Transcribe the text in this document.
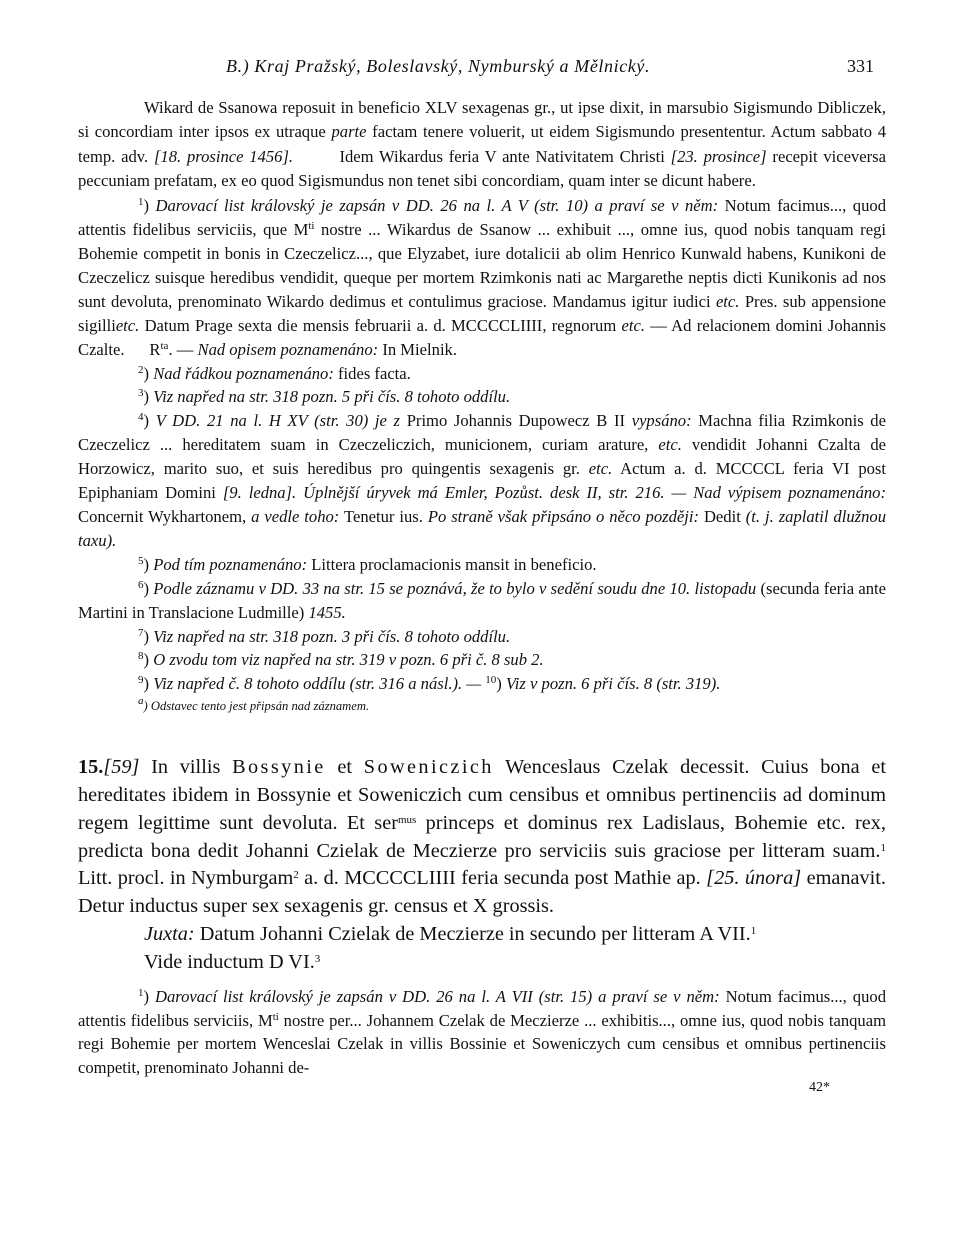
B.) Kraj Pražský, Boleslavský, Nymburský a Mělnický.	331

Wikard de Ssanowa reposuit in beneficio XLV sexagenas gr., ut ipse dixit, in marsubio Sigismundo Dibliczek, si concordiam inter ipsos ex utraque parte factam tenere voluerit, ut eidem Sigismundo presententur. Actum sabbato 4 temp. adv. [18. prosince 1456].        Idem Wikardus feria V ante Nativitatem Christi [23. prosince] recepit viceversa peccuniam prefatam, ex eo quod Sigismundus non tenet sibi concordiam, quam inter se dicunt habere.

$^1$) Darovací list královský je zapsán v DD. 26 na l. A V (str. 10) a praví se v něm: Notum facimus..., quod attentis fidelibus serviciis, que $M^{ti}$ nostre ... Wikardus de Ssanow ... exhibuit ..., omne ius, quod nobis tanquam regi Bohemie competit in bonis in Czeczelicz..., que Elyzabet, iure dotalicii ab olim Henrico Kunwald habens, Kunikoni de Czeczelicz suisque heredibus vendidit, queque per mortem Rzimkonis nati ac Margarethe neptis dicti Kunikonis ad nos sunt devoluta, prenominato Wikardo dedimus et contulimus graciose. Mandamus igitur iudici etc. Pres. sub appensione sigillietc. Datum Prage sexta die mensis februarii a. d. MCCCCLIIII, regnorum etc. — Ad relacionem domini Johannis Czalte.      $R^{ta}$. — Nad opisem poznamenáno: In Mielnik.

$^2$) Nad řádkou poznamenáno: fides facta.

$^3$) Viz napřed na str. 318 pozn. 5 při čís. 8 tohoto oddílu.

$^4$) V DD. 21 na l. H XV (str. 30) je z Primo Johannis Dupowecz B II vypsáno: Machna filia Rzimkonis de Czeczelicz ... hereditatem suam in Czeczeliczich, municionem, curiam arature, etc. vendidit Johanni Czalta de Horzowicz, marito suo, et suis heredibus pro quingentis sexagenis gr. etc. Actum a. d. MCCCCL feria VI post Epiphaniam Domini [9. ledna]. Úplnější úryvek má Emler, Pozůst. desk II, str. 216. — Nad výpisem poznamenáno: Concernit Wykhartonem, a vedle toho: Tenetur ius. Po straně však připsáno o něco později: Dedit (t. j. zaplatil dlužnou taxu).

$^5$) Pod tím poznamenáno: Littera proclamacionis mansit in beneficio.

$^6$) Podle záznamu v DD. 33 na str. 15 se poznává, že to bylo v sedění soudu dne 10. listopadu (secunda feria ante Martini in Translacione Ludmille) 1455.

$^7$) Viz napřed na str. 318 pozn. 3 při čís. 8 tohoto oddílu.

$^8$) O zvodu tom viz napřed na str. 319 v pozn. 6 při č. 8 sub 2.

$^9$) Viz napřed č. 8 tohoto oddílu (str. 316 a násl.). — $^{10}$) Viz v pozn. 6 při čís. 8 (str. 319).

$^a$) Odstavec tento jest připsán nad záznamem.

15.[59] In villis Bossynie et Soweniczich Wenceslaus Czelak decessit. Cuius bona et hereditates ibidem in Bossynie et Soweniczich cum censibus et omnibus pertinenciis ad dominum regem legittime sunt devoluta. Et ser$^{mus}$ princeps et dominus rex Ladislaus, Bohemie etc. rex, predicta bona dedit Johanni Czielak de Meczierze pro serviciis suis graciose per litteram suam.$^1$ Litt. procl. in Nymburgam$^2$ a. d. MCCCCLIIII feria secunda post Mathie ap. [25. února] emanavit. Detur inductus super sex sexagenis gr. census et X grossis.

Juxta: Datum Johanni Czielak de Meczierze in secundo per litteram A VII.$^1$

Vide inductum D VI.$^3$

$^1$) Darovací list královský je zapsán v DD. 26 na l. A VII (str. 15) a praví se v něm: Notum facimus..., quod attentis fidelibus serviciis, $M^{ti}$ nostre per... Johannem Czelak de Meczierze ... exhibitis..., omne ius, quod nobis tanquam regi Bohemie per mortem Wenceslai Czelak in villis Bossinie et Soweniczych cum censibus et omnibus pertinenciis competit, prenominato Johanni de-

42*
